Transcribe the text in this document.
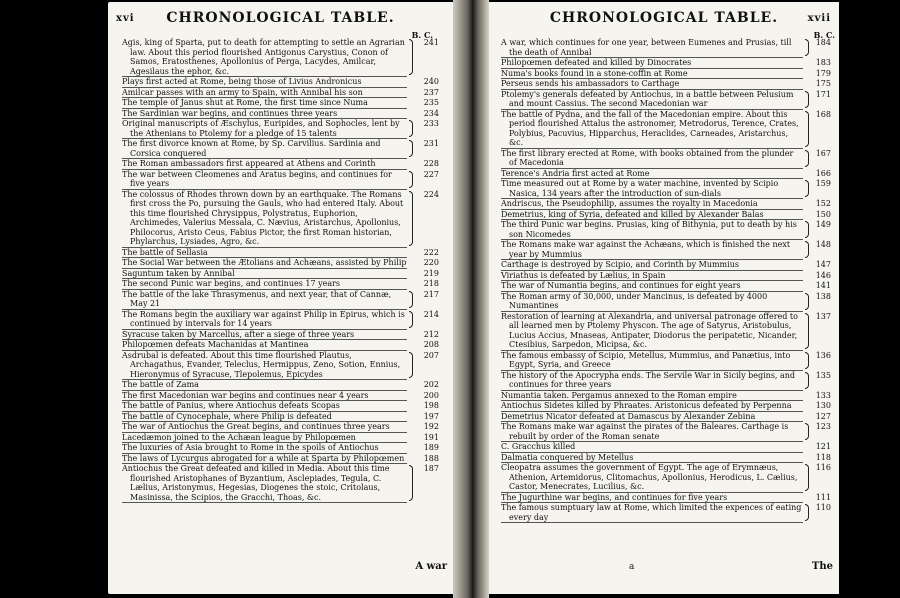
xvi	CHRONOLOGICAL TABLE.
B. C.
Agis, king of Sparta, put to death for attempting to settle an Agrarian law. About this period flourished Antigonus Carystius, Conon of Samos, Eratosthenes, Apollonius of Perga, Lacydes, Amilcar, Agesilaus the ephor, &c.
241
Plays first acted at Rome, being those of Livius Andronicus	240
Amilcar passes with an army to Spain, with Annibal his son	237
The temple of Janus shut at Rome, the first time since Numa	235
The Sardinian war begins, and continues three years	234
Original manuscripts of Æschylus, Euripides, and Sophocles, lent by the Athenians to Ptolemy for a pledge of 15 talents
233
The first divorce known at Rome, by Sp. Carvilius. Sardinia and Corsica conquered
231
The Roman ambassadors first appeared at Athens and Corinth	228
The war between Cleomenes and Aratus begins, and continues for five years
227
The colossus of Rhodes thrown down by an earthquake. The Romans first cross the Po, pursuing the Gauls, who had entered Italy. About this time flourished Chrysippus, Polystratus, Euphorion, Archimedes, Valerius Messala, C. Nævius, Aristarchus, Apollonius, Philocorus, Aristo Ceus, Fabius Pictor, the first Roman historian, Phylarchus, Lysiades, Agro, &c.
224
The battle of Sellasia	222
The Social War between the Ætolians and Achæans, assisted by Philip 220
Saguntum taken by Annibal	219
The second Punic war begins, and continues 17 years	218
The battle of the lake Thrasymenus, and next year, that of Cannæ, May 21
217
The Romans begin the auxiliary war against Philip in Epirus, which is continued by intervals for 14 years
214
Syracuse taken by Marcellus, after a siege of three years	212
Philopœmen defeats Machanidas at Mantinea	208
Asdrubal is defeated. About this time flourished Plautus, Archagathus, Evander, Teleclus, Hermippus, Zeno, Sotion, Ennius, Hieronymus of Syracuse, Tlepolemus, Epicydes
207
The battle of Zama	202
The first Macedonian war begins and continues near 4 years	200
The battle of Panius, where Antiochus defeats Scopas	198
The battle of Cynocephale, where Philip is defeated	197
The war of Antiochus the Great begins, and continues three years	192
Lacedæmon joined to the Achæan league by Philopœmen	191
The luxuries of Asia brought to Rome in the spoils of Antiochus	189
The laws of Lycurgus abrogated for a while at Sparta by Philopœmen 188
Antiochus the Great defeated and killed in Media. About this time flourished Aristophanes of Byzantium, Asclepiades, Tegula, C. Lælius, Aristonymus, Hegesias, Diogenes the stoic, Critolaus, Masinissa, the Scipios, the Gracchi, Thoas, &c.
187
A war
CHRONOLOGICAL TABLE.	xvii
B. C.
A war, which continues for one year, between Eumenes and Prusias, till the death of Annibal
184
Philopœmen defeated and killed by Dinocrates	183
Numa's books found in a stone-coffin at Rome	179
Perseus sends his ambassadors to Carthage	175
Ptolemy's generals defeated by Antiochus, in a battle between Pelusium and mount Cassius. The second Macedonian war
171
The battle of Pydna, and the fall of the Macedonian empire. About this period flourished Attalus the astronomer, Metrodorus, Terence, Crates, Polybius, Pacuvius, Hipparchus, Heraclides, Carneades, Aristarchus, &c.
168
The first library erected at Rome, with books obtained from the plunder of Macedonia
167
Terence's Andria first acted at Rome	166
Time measured out at Rome by a water machine, invented by Scipio Nasica, 134 years after the introduction of sun-dials
159
Andriscus, the Pseudophilip, assumes the royalty in Macedonia	152
Demetrius, king of Syria, defeated and killed by Alexander Balas	150
The third Punic war begins. Prusias, king of Bithynia, put to death by his son Nicomedes
149
The Romans make war against the Achæans, which is finished the next year by Mummius
148
Carthage is destroyed by Scipio, and Corinth by Mummius	147
Viriathus is defeated by Lælius, in Spain	146
The war of Numantia begins, and continues for eight years	141
The Roman army of 30,000, under Mancinus, is defeated by 4000 Numantines
138
Restoration of learning at Alexandria, and universal patronage offered to all learned men by Ptolemy Physcon. The age of Satyrus, Aristobulus, Lucius Accius, Mnaseas, Antipater, Diodorus the peripatetic, Nicander, Ctesibius, Sarpedon, Micipsa, &c.
137
The famous embassy of Scipio, Metellus, Mummius, and Panætius, into Egypt, Syria, and Greece
136
The history of the Apocrypha ends. The Servile War in Sicily begins, and continues for three years
135
Numantia taken. Pergamus annexed to the Roman empire	133
Antiochus Sidetes killed by Phraates. Aristonicus defeated by Perpenna	130
Demetrius Nicator defeated at Damascus by Alexander Zebina	127
The Romans make war against the pirates of the Baleares. Carthage is rebuilt by order of the Roman senate
123
C. Gracchus killed	121
Dalmatia conquered by Metellus	118
Cleopatra assumes the government of Egypt. The age of Erymnæus, Athenion, Artemidorus, Clitomachus, Apollonius, Herodicus, L. Cælius, Castor, Menecrates, Lucilius, &c.
116
The Jugurthine war begins, and continues for five years	111
The famous sumptuary law at Rome, which limited the expences of eating every day
110
a	The
